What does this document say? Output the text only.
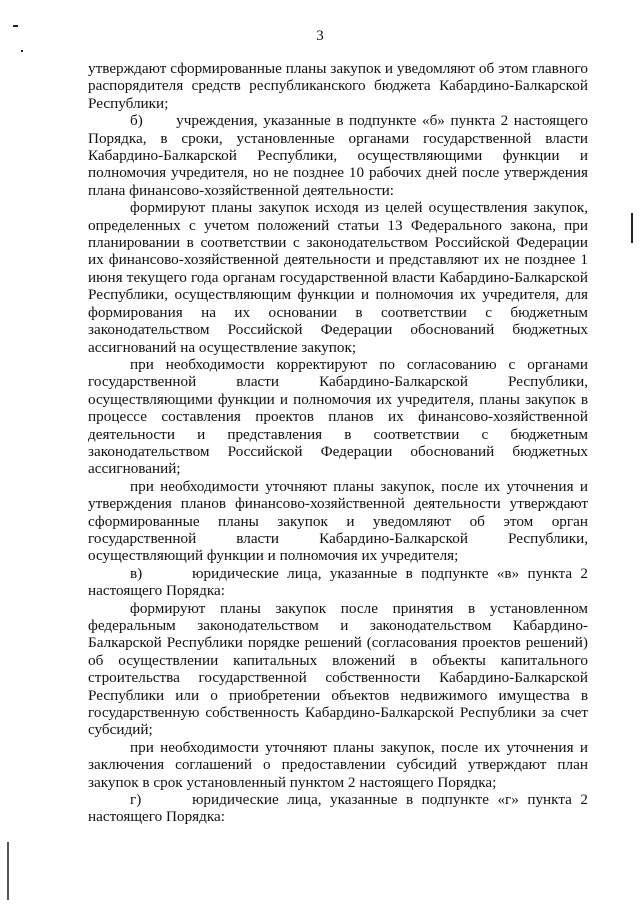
3

утверждают сформированные планы закупок и уведомляют об этом главного распорядителя средств республиканского бюджета Кабардино-Балкарской Республики;

б)      учреждения, указанные в подпункте «б» пункта 2 настоящего Порядка, в сроки, установленные органами государственной власти Кабардино-Балкарской Республики, осуществляющими функции и полномочия учредителя, но не позднее 10 рабочих дней после утверждения плана финансово-хозяйственной деятельности:

формируют планы закупок исходя из целей осуществления закупок, определенных с учетом положений статьи 13 Федерального закона, при планировании в соответствии с законодательством Российской Федерации их финансово-хозяйственной деятельности и представляют их не позднее 1 июня текущего года органам государственной власти Кабардино-Балкарской Республики, осуществляющим функции и полномочия их учредителя, для формирования на их основании в соответствии с бюджетным законодательством Российской Федерации обоснований бюджетных ассигнований на осуществление закупок;

при необходимости корректируют по согласованию с органами государственной власти Кабардино-Балкарской Республики, осуществляющими функции и полномочия их учредителя, планы закупок в процессе составления проектов планов их финансово-хозяйственной деятельности и представления в соответствии с бюджетным законодательством Российской Федерации обоснований бюджетных ассигнований;

при необходимости уточняют планы закупок, после их уточнения и утверждения планов финансово-хозяйственной деятельности утверждают сформированные планы закупок и уведомляют об этом орган государственной власти Кабардино-Балкарской Республики, осуществляющий функции и полномочия их учредителя;

в)      юридические лица, указанные в подпункте «в» пункта 2 настоящего Порядка:

формируют планы закупок после принятия в установленном федеральным законодательством и законодательством Кабардино-Балкарской Республики порядке решений (согласования проектов решений) об осуществлении капитальных вложений в объекты капитального строительства государственной собственности Кабардино-Балкарской Республики или о приобретении объектов недвижимого имущества в государственную собственность Кабардино-Балкарской Республики за счет субсидий;

при необходимости уточняют планы закупок, после их уточнения и заключения соглашений о предоставлении субсидий утверждают план закупок в срок установленный пунктом 2 настоящего Порядка;

г)      юридические лица, указанные в подпункте «г» пункта 2 настоящего Порядка:
